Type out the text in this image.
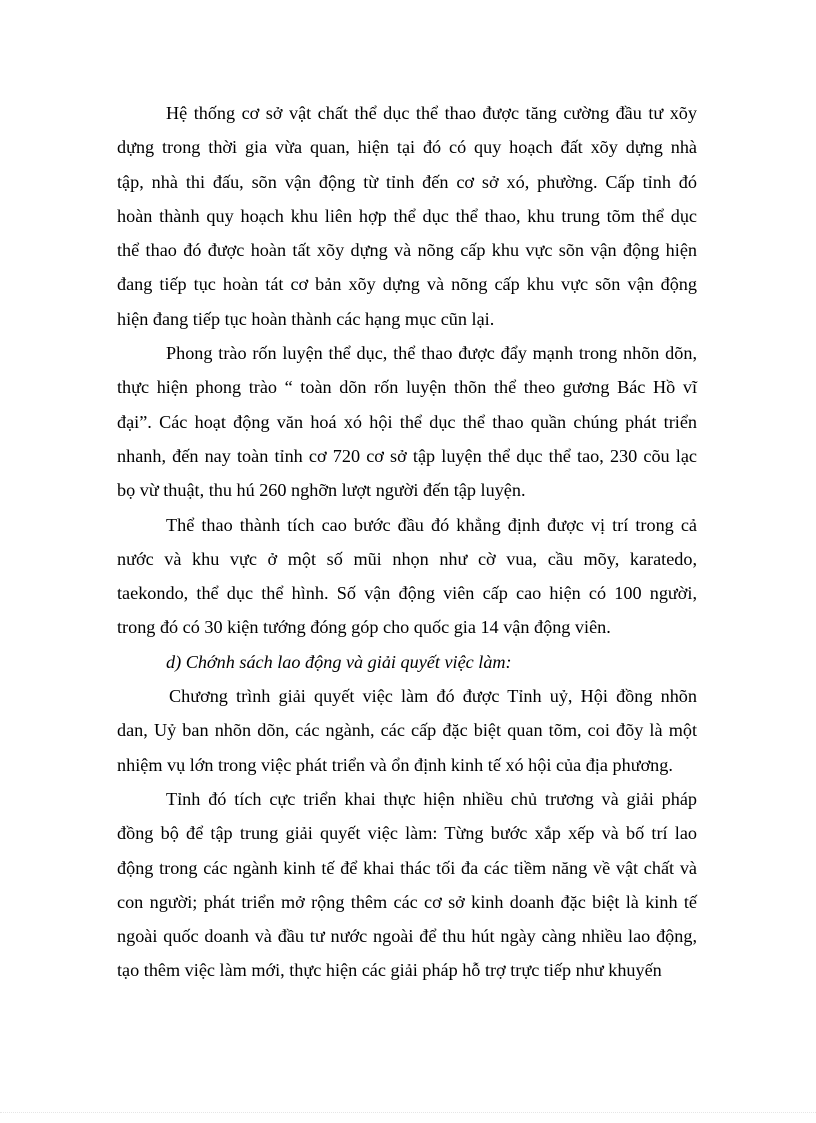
Hệ thống cơ sở vật chất thể dục thể thao được tăng cường đầu tư xõy
dựng trong thời gia vừa quan, hiện tại đó có quy hoạch đất xõy dựng nhà
tập, nhà thi đấu, sõn vận động từ tỉnh đến cơ sở xó, phường. Cấp tỉnh đó
hoàn thành quy hoạch khu liên hợp thể dục thể thao, khu trung tõm thể dục
thể thao đó được hoàn tất xõy dựng và nõng cấp khu vực sõn vận động hiện
đang tiếp tục hoàn tát cơ bản xõy dựng và nõng cấp khu vực sõn vận động
hiện đang tiếp tục hoàn thành các hạng mục cũn lại.

Phong trào rốn luyện thể dục, thể thao được đẩy mạnh trong nhõn dõn,
thực hiện phong trào “ toàn dõn rốn luyện thõn thể theo gương Bác Hồ vĩ
đại”. Các hoạt động văn hoá xó hội thể dục thể thao quần chúng phát triển
nhanh, đến nay toàn tỉnh cơ 720 cơ sở tập luyện thể dục thể tao, 230 cõu lạc
bọ vừ thuật, thu hú 260 nghỡn lượt người đến tập luyện.

Thể thao thành tích cao bước đầu đó khẳng định được vị trí trong cả
nước và khu vực ở một số mũi nhọn như cờ vua, cầu mõy, karatedo,
taekondo, thể dục thể hình. Số vận động viên cấp cao hiện có 100 người,
trong đó có 30 kiện tướng đóng góp cho quốc gia 14 vận động viên.

d) Chớnh sách lao động và giải quyết việc làm:

Chương trình giải quyết việc làm đó được Tỉnh uỷ, Hội đồng nhõn
dan, Uỷ ban nhõn dõn, các ngành, các cấp đặc biệt quan tõm, coi đõy là một
nhiệm vụ lớn trong việc phát triển và ổn định kinh tế xó hội của địa phương.

Tỉnh đó tích cực triển khai thực hiện nhiều chủ trương và giải pháp
đồng bộ để tập trung giải quyết việc làm: Từng bước xắp xếp và bố trí lao
động trong các ngành kinh tế để khai thác tối đa các tiềm năng về vật chất và
con người; phát triển mở rộng thêm các cơ sở kinh doanh đặc biệt là kinh tế
ngoài quốc doanh và đầu tư nước ngoài để thu hút ngày càng nhiều lao động,
tạo thêm việc làm mới, thực hiện các giải pháp hỗ trợ trực tiếp như khuyến
